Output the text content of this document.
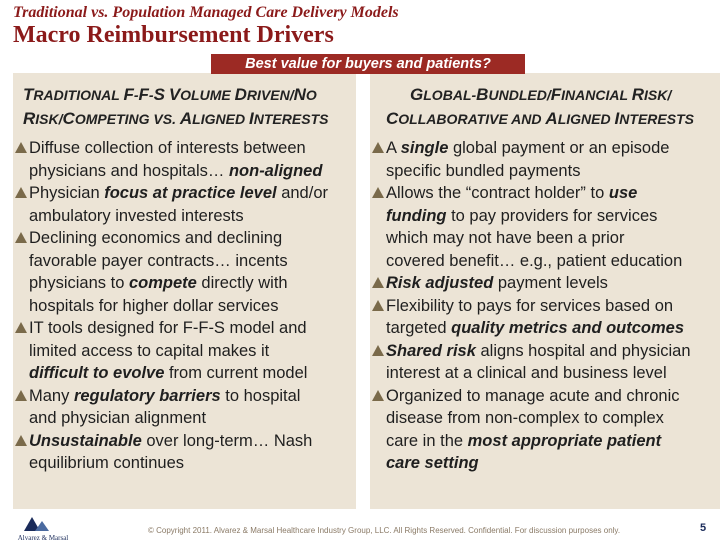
Traditional vs. Population Managed Care Delivery Models
Macro Reimbursement Drivers
TRADITIONAL F-F-S VOLUME DRIVEN/NO
RISK/COMPETING VS. ALIGNED INTERESTS
Diffuse collection of interests between
physicians and hospitals… non-aligned
Physician focus at practice level and/or
ambulatory invested interests
Declining economics and declining
favorable payer contracts… incents
physicians to compete directly with
hospitals for higher dollar services
IT tools designed for F-F-S model and
limited access to capital makes it
difficult to evolve from current model
Many regulatory barriers to hospital
and physician alignment
Unsustainable over long-term… Nash
equilibrium continues
GLOBAL-BUNDLED/FINANCIAL RISK/
COLLABORATIVE AND ALIGNED INTERESTS
A single global payment or an episode
specific bundled payments
Allows the “contract holder” to use
funding to pay providers for services
which may not have been a prior
covered benefit… e.g., patient education
Risk adjusted payment levels
Flexibility to pays for services based on
targeted quality metrics and outcomes
Shared risk aligns hospital and physician
interest at a clinical and business level
Organized to manage acute and chronic
disease from non-complex to complex
care in the most appropriate patient
care setting
Best value for buyers and patients?
Alvarez & Marsal
© Copyright 2011. Alvarez & Marsal Healthcare Industry Group, LLC. All Rights Reserved. Confidential. For discussion purposes only.	5
